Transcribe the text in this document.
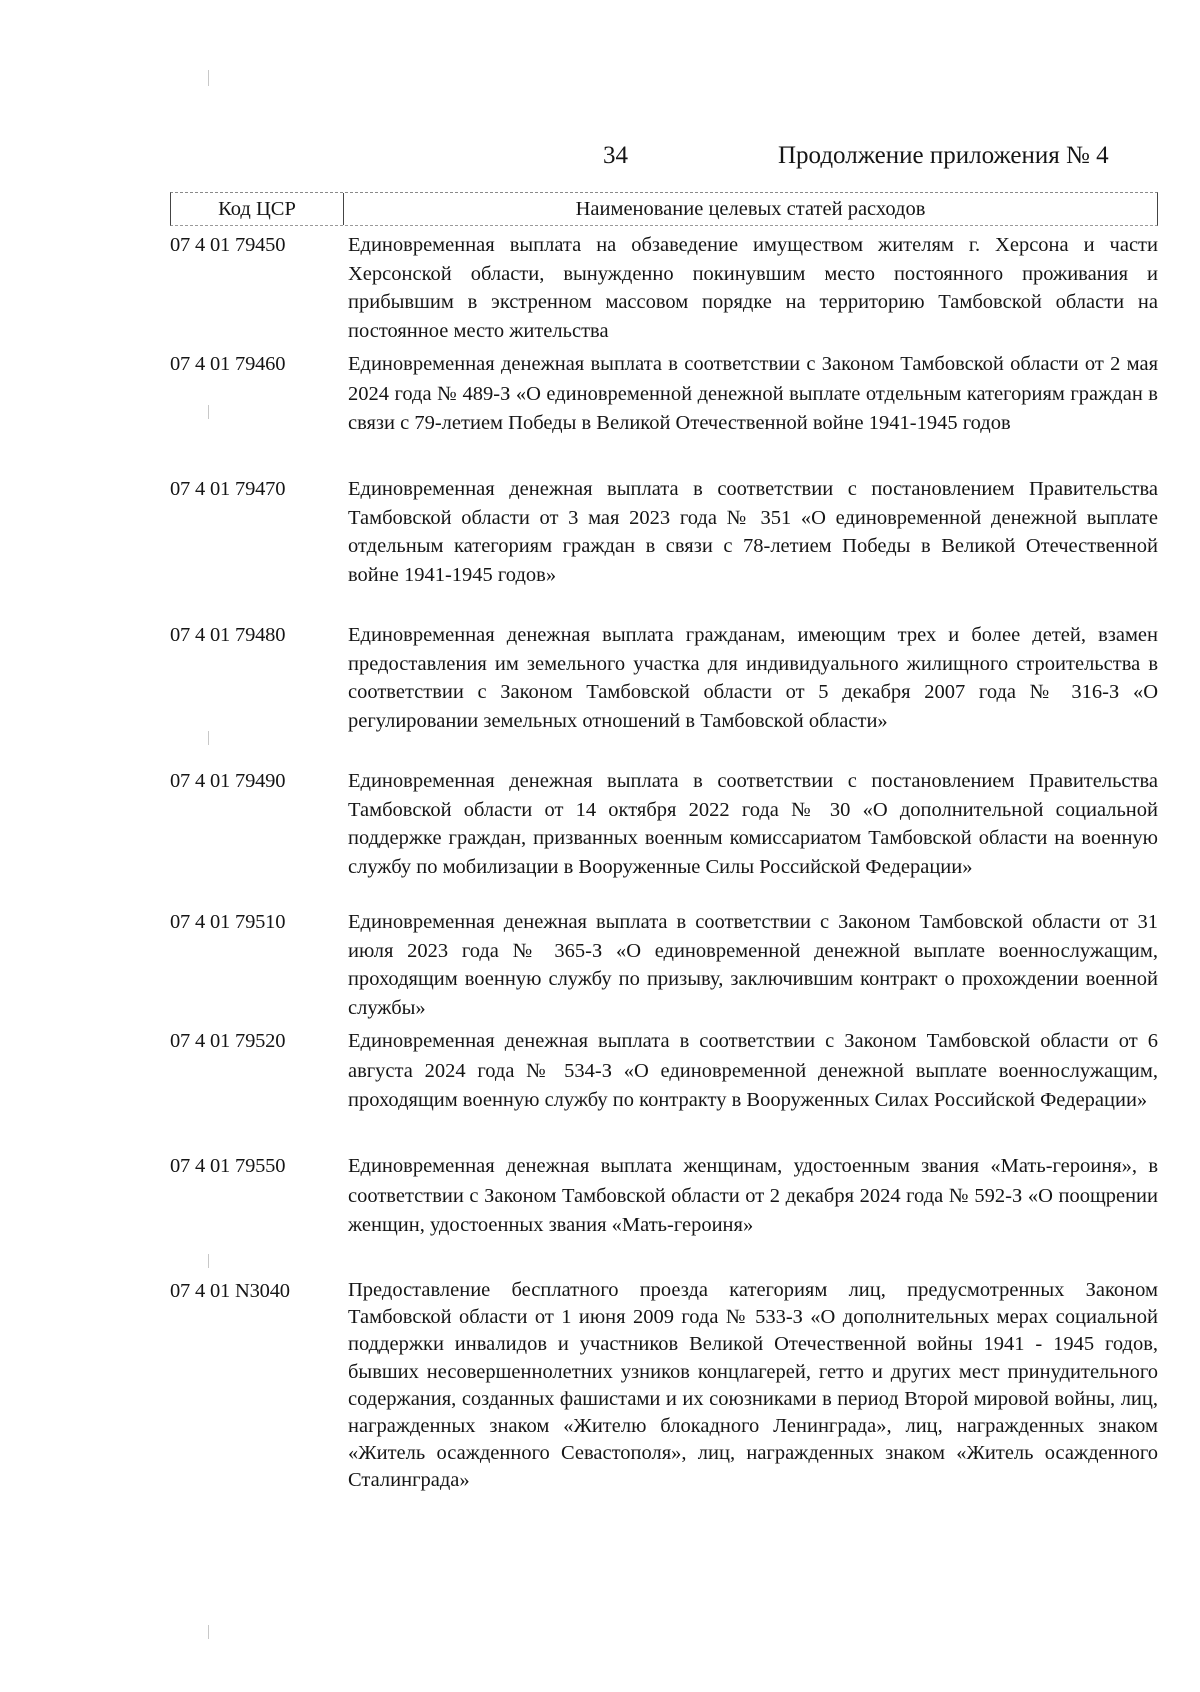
34	Продолжение приложения № 4
Код ЦСР	Наименование целевых статей расходов
07 4 01 79450	Единовременная выплата на обзаведение имуществом жителям г. Херсона и части Херсонской области, вынужденно покинувшим место постоянного проживания и прибывшим в экстренном массовом порядке на территорию Тамбовской области на постоянное место жительства
07 4 01 79460	Единовременная денежная выплата в соответствии с Законом Тамбовской области от 2 мая 2024 года № 489-З «О единовременной денежной выплате отдельным категориям граждан в связи с 79-летием Победы в Великой Отечественной войне 1941-1945 годов
07 4 01 79470	Единовременная денежная выплата в соответствии с постановлением Правительства Тамбовской области от 3 мая 2023 года № 351 «О единовременной денежной выплате отдельным категориям граждан в связи с 78-летием Победы в Великой Отечественной войне 1941-1945 годов»
07 4 01 79480	Единовременная денежная выплата гражданам, имеющим трех и более детей, взамен предоставления им земельного участка для индивидуального жилищного строительства в соответствии с Законом Тамбовской области от 5 декабря 2007 года № 316-З «О регулировании земельных отношений в Тамбовской области»
07 4 01 79490	Единовременная денежная выплата в соответствии с постановлением Правительства Тамбовской области от 14 октября 2022 года № 30 «О дополнительной социальной поддержке граждан, призванных военным комиссариатом Тамбовской области на военную службу по мобилизации в Вооруженные Силы Российской Федерации»
07 4 01 79510	Единовременная денежная выплата в соответствии с Законом Тамбовской области от 31 июля 2023 года № 365-З «О единовременной денежной выплате военнослужащим, проходящим военную службу по призыву, заключившим контракт о прохождении военной службы»
07 4 01 79520	Единовременная денежная выплата в соответствии с Законом Тамбовской области от 6 августа 2024 года № 534-З «О единовременной денежной выплате военнослужащим, проходящим военную службу по контракту в Вооруженных Силах Российской Федерации»
07 4 01 79550	Единовременная денежная выплата женщинам, удостоенным звания «Мать-героиня», в соответствии с Законом Тамбовской области от 2 декабря 2024 года № 592-З «О поощрении женщин, удостоенных звания «Мать-героиня»
07 4 01 N3040	Предоставление бесплатного проезда категориям лиц, предусмотренных Законом Тамбовской области от 1 июня 2009 года № 533-З «О дополнительных мерах социальной поддержки инвалидов и участников Великой Отечественной войны 1941 - 1945 годов, бывших несовершеннолетних узников концлагерей, гетто и других мест принудительного содержания, созданных фашистами и их союзниками в период Второй мировой войны, лиц, награжденных знаком «Жителю блокадного Ленинграда», лиц, награжденных знаком «Житель осажденного Севастополя», лиц, награжденных знаком «Житель осажденного Сталинграда»
